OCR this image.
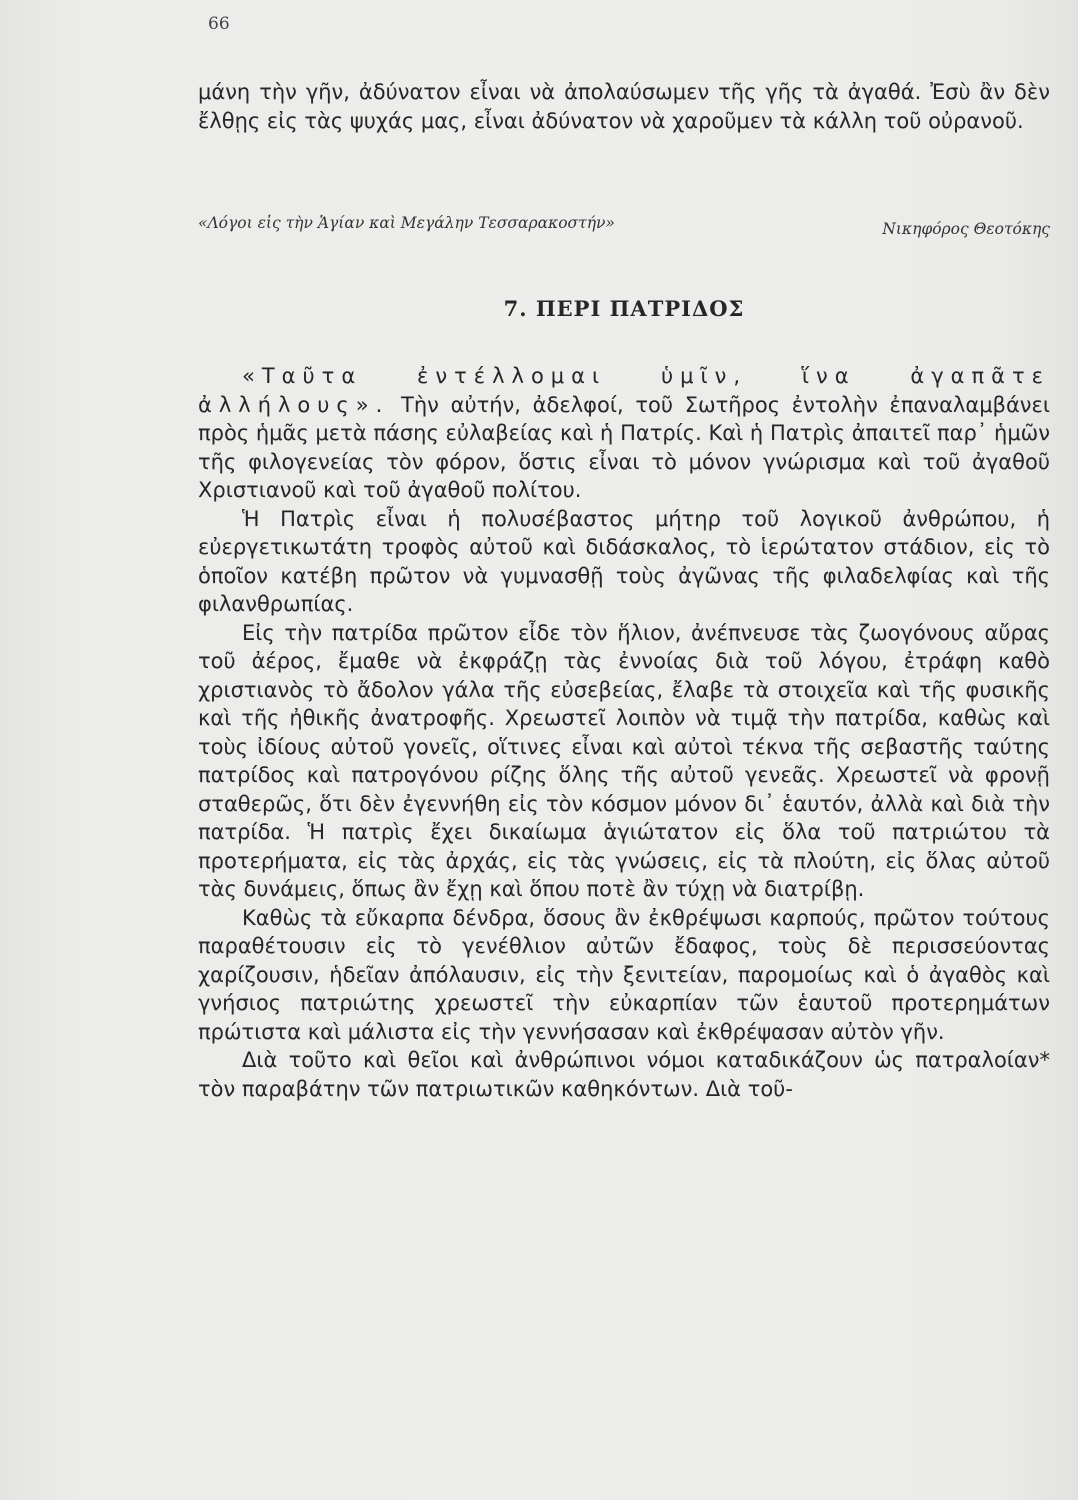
66

μάνη τὴν γῆν, ἀδύνατον εἶναι νὰ ἀπολαύσωμεν τῆς γῆς τὰ ἀγαθά. Ἐσὺ ἂν δὲν ἔλθῃς εἰς τὰς ψυχάς μας, εἶναι ἀδύνατον νὰ χαροῦμεν τὰ κάλλη τοῦ οὐρανοῦ.

«Λόγοι εἰς τὴν Ἁγίαν καὶ Μεγάλην Τεσσαρακοστήν»	Νικηφόρος Θεοτόκης
7. ΠΕΡΙ ΠΑΤΡΙΔΟΣ

«Ταῦτα ἐντέλλομαι ὑμῖν, ἵνα ἀγαπᾶτε ἀλλήλους». Τὴν αὐτήν, ἀδελφοί, τοῦ Σωτῆρος ἐντολὴν ἐπαναλαμβάνει πρὸς ἡμᾶς μετὰ πάσης εὐλαβείας καὶ ἡ Πατρίς. Καὶ ἡ Πατρὶς ἀπαιτεῖ παρ᾽ ἡμῶν τῆς φιλογενείας τὸν φόρον, ὅστις εἶναι τὸ μόνον γνώρισμα καὶ τοῦ ἀγαθοῦ Χριστιανοῦ καὶ τοῦ ἀγαθοῦ πολίτου.

Ἡ Πατρὶς εἶναι ἡ πολυσέβαστος μήτηρ τοῦ λογικοῦ ἀνθρώπου, ἡ εὐεργετικωτάτη τροφὸς αὐτοῦ καὶ διδάσκαλος, τὸ ἱερώτατον στάδιον, εἰς τὸ ὁποῖον κατέβη πρῶτον νὰ γυμνασθῇ τοὺς ἀγῶνας τῆς φιλαδελφίας καὶ τῆς φιλανθρωπίας.

Εἰς τὴν πατρίδα πρῶτον εἶδε τὸν ἥλιον, ἀνέπνευσε τὰς ζωογόνους αὔρας τοῦ ἀέρος, ἔμαθε νὰ ἐκφράζῃ τὰς ἐννοίας διὰ τοῦ λόγου, ἐτράφη καθὸ χριστιανὸς τὸ ἄδολον γάλα τῆς εὐσεβείας, ἔλαβε τὰ στοιχεῖα καὶ τῆς φυσικῆς καὶ τῆς ἠθικῆς ἀνατροφῆς. Χρεωστεῖ λοιπὸν νὰ τιμᾷ τὴν πατρίδα, καθὼς καὶ τοὺς ἰδίους αὐτοῦ γονεῖς, οἵτινες εἶναι καὶ αὐτοὶ τέκνα τῆς σεβαστῆς ταύτης πατρίδος καὶ πατρογόνου ρίζης ὅλης τῆς αὐτοῦ γενεᾶς. Χρεωστεῖ νὰ φρονῇ σταθερῶς, ὅτι δὲν ἐγεννήθη εἰς τὸν κόσμον μόνον δι᾽ ἑαυτόν, ἀλλὰ καὶ διὰ τὴν πατρίδα. Ἡ πατρὶς ἔχει δικαίωμα ἁγιώτατον εἰς ὅλα τοῦ πατριώτου τὰ προτερήματα, εἰς τὰς ἀρχάς, εἰς τὰς γνώσεις, εἰς τὰ πλούτη, εἰς ὅλας αὐτοῦ τὰς δυνάμεις, ὅπως ἂν ἔχῃ καὶ ὅπου ποτὲ ἂν τύχῃ νὰ διατρίβῃ.

Καθὼς τὰ εὔκαρπα δένδρα, ὅσους ἂν ἐκθρέψωσι καρπούς, πρῶτον τούτους παραθέτουσιν εἰς τὸ γενέθλιον αὐτῶν ἔδαφος, τοὺς δὲ περισσεύοντας χαρίζουσιν, ἡδεῖαν ἀπόλαυσιν, εἰς τὴν ξενιτείαν, παρομοίως καὶ ὁ ἀγαθὸς καὶ γνήσιος πατριώτης χρεωστεῖ τὴν εὐκαρπίαν τῶν ἑαυτοῦ προτερημάτων πρώτιστα καὶ μάλιστα εἰς τὴν γεννήσασαν καὶ ἐκθρέψασαν αὐτὸν γῆν.

Διὰ τοῦτο καὶ θεῖοι καὶ ἀνθρώπινοι νόμοι καταδικάζουν ὡς πατραλοίαν* τὸν παραβάτην τῶν πατριωτικῶν καθηκόντων. Διὰ τοῦ-
